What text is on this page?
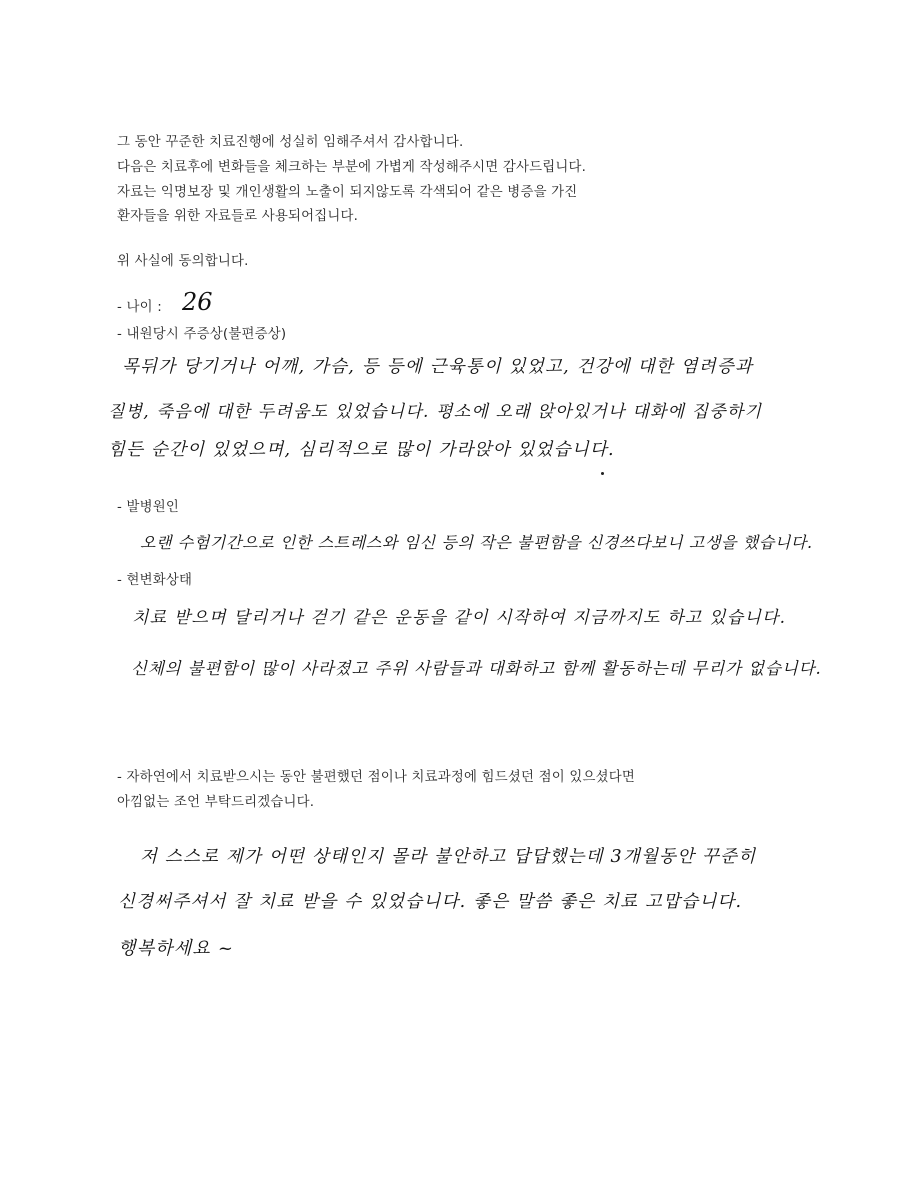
그 동안 꾸준한 치료진행에 성실히 임해주셔서 감사합니다.
다음은 치료후에 변화들을 체크하는 부분에 가볍게 작성해주시면 감사드립니다.
자료는 익명보장 및 개인생활의 노출이 되지않도록 각색되어 같은 병증을 가진
환자들을 위한 자료들로 사용되어집니다.
위 사실에 동의합니다.
- 나이 : 26
- 내원당시 주증상(불편증상)
목뒤가 당기거나 어깨, 가슴, 등 등에 근육통이 있었고, 건강에 대한 염려증과
질병, 죽음에 대한 두려움도 있었습니다. 평소에 오래 앉아있거나 대화에 집중하기
힘든 순간이 있었으며, 심리적으로 많이 가라앉아 있었습니다.
- 발병원인
오랜 수험기간으로 인한 스트레스와 임신 등의 작은 불편함을 신경쓰다보니 고생을 했습니다.
- 현변화상태
치료 받으며 달리거나 걷기 같은 운동을 같이 시작하여 지금까지도 하고 있습니다.
신체의 불편함이 많이 사라졌고 주위 사람들과 대화하고 함께 활동하는데 무리가 없습니다.
- 자하연에서 치료받으시는 동안 불편했던 점이나 치료과정에 힘드셨던 점이 있으셨다면
아낌없는 조언 부탁드리겠습니다.
저 스스로 제가 어떤 상태인지 몰라 불안하고 답답했는데 3개월동안 꾸준히
신경써주셔서 잘 치료 받을 수 있었습니다. 좋은 말씀 좋은 치료 고맙습니다.
행복하세요 ~
